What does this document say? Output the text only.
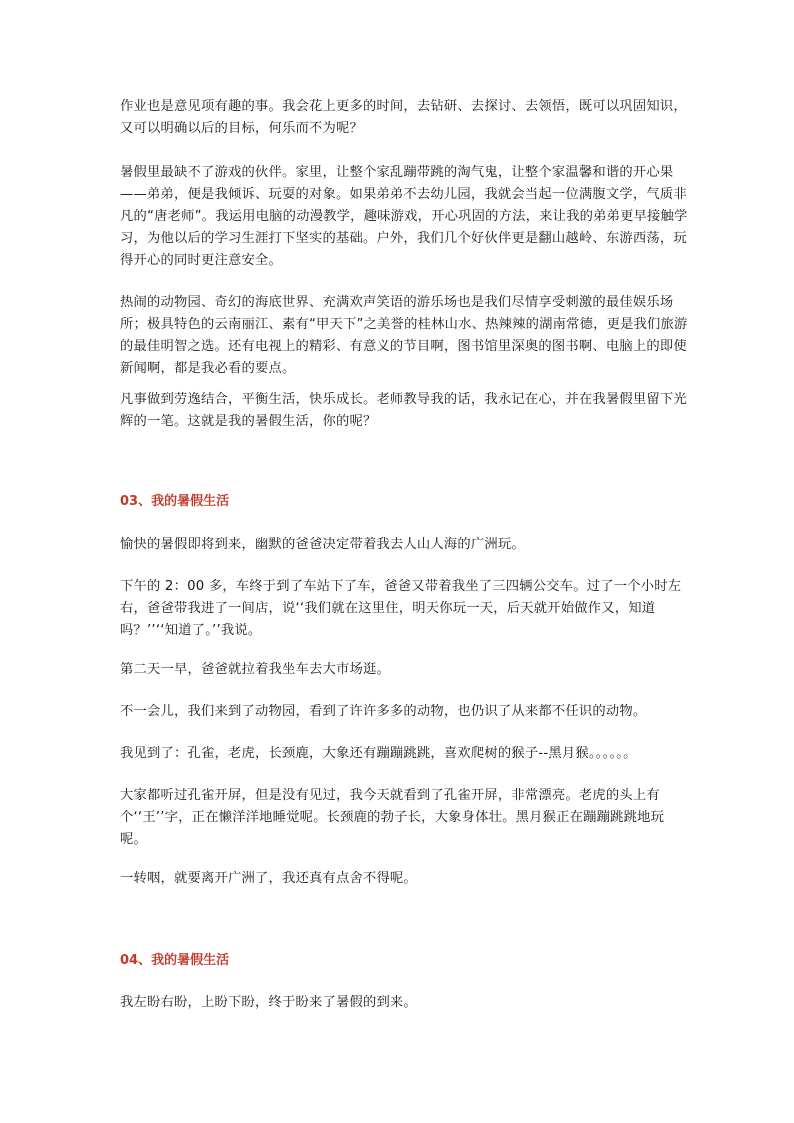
作业也是意见项有趣的事。我会花上更多的时间，去钻研、去探讨、去领悟，既可以巩固知识，又可以明确以后的目标，何乐而不为呢？

暑假里最缺不了游戏的伙伴。家里，让整个家乱蹦带跳的淘气鬼，让整个家温馨和谐的开心果——弟弟，便是我倾诉、玩耍的对象。如果弟弟不去幼儿园，我就会当起一位满腹文学，气质非凡的“唐老师”。我运用电脑的动漫教学，趣味游戏，开心巩固的方法，来让我的弟弟更早接触学习，为他以后的学习生涯打下坚实的基础。户外，我们几个好伙伴更是翻山越岭、东游西荡，玩得开心的同时更注意安全。

热闹的动物园、奇幻的海底世界、充满欢声笑语的游乐场也是我们尽情享受刺激的最佳娱乐场所；极具特色的云南丽江、素有“甲天下”之美誉的桂林山水、热辣辣的湖南常德，更是我们旅游的最佳明智之选。还有电视上的精彩、有意义的节目啊，图书馆里深奥的图书啊、电脑上的即使新闻啊，都是我必看的要点。

凡事做到劳逸结合，平衡生活，快乐成长。老师教导我的话，我永记在心，并在我暑假里留下光辉的一笔。这就是我的暑假生活，你的呢？

03、我的暑假生活

愉快的暑假即将到来，幽默的爸爸决定带着我去人山人海的广洲玩。

下午的 2：00 多，车终于到了车站下了车，爸爸又带着我坐了三四辆公交车。过了一个小时左右，爸爸带我进了一间店，说‘‘我们就在这里住，明天你玩一天，后天就开始做作又，知道吗？’’‘‘知道了。’’我说。

第二天一早，爸爸就拉着我坐车去大市场逛。

不一会儿，我们来到了动物园，看到了许许多多的动物，也仍识了从来都不任识的动物。

我见到了：孔雀，老虎，长颈鹿，大象还有蹦蹦跳跳，喜欢爬树的猴子--黑月猴。。。。。。

大家都听过孔雀开屏，但是没有见过，我今天就看到了孔雀开屏，非常漂亮。老虎的头上有个‘‘王’’字，正在懒洋洋地睡觉呢。长颈鹿的勃子长，大象身体壮。黑月猴正在蹦蹦跳跳地玩呢。

一转咽，就要离开广洲了，我还真有点舍不得呢。

04、我的暑假生活

我左盼右盼，上盼下盼，终于盼来了暑假的到来。
